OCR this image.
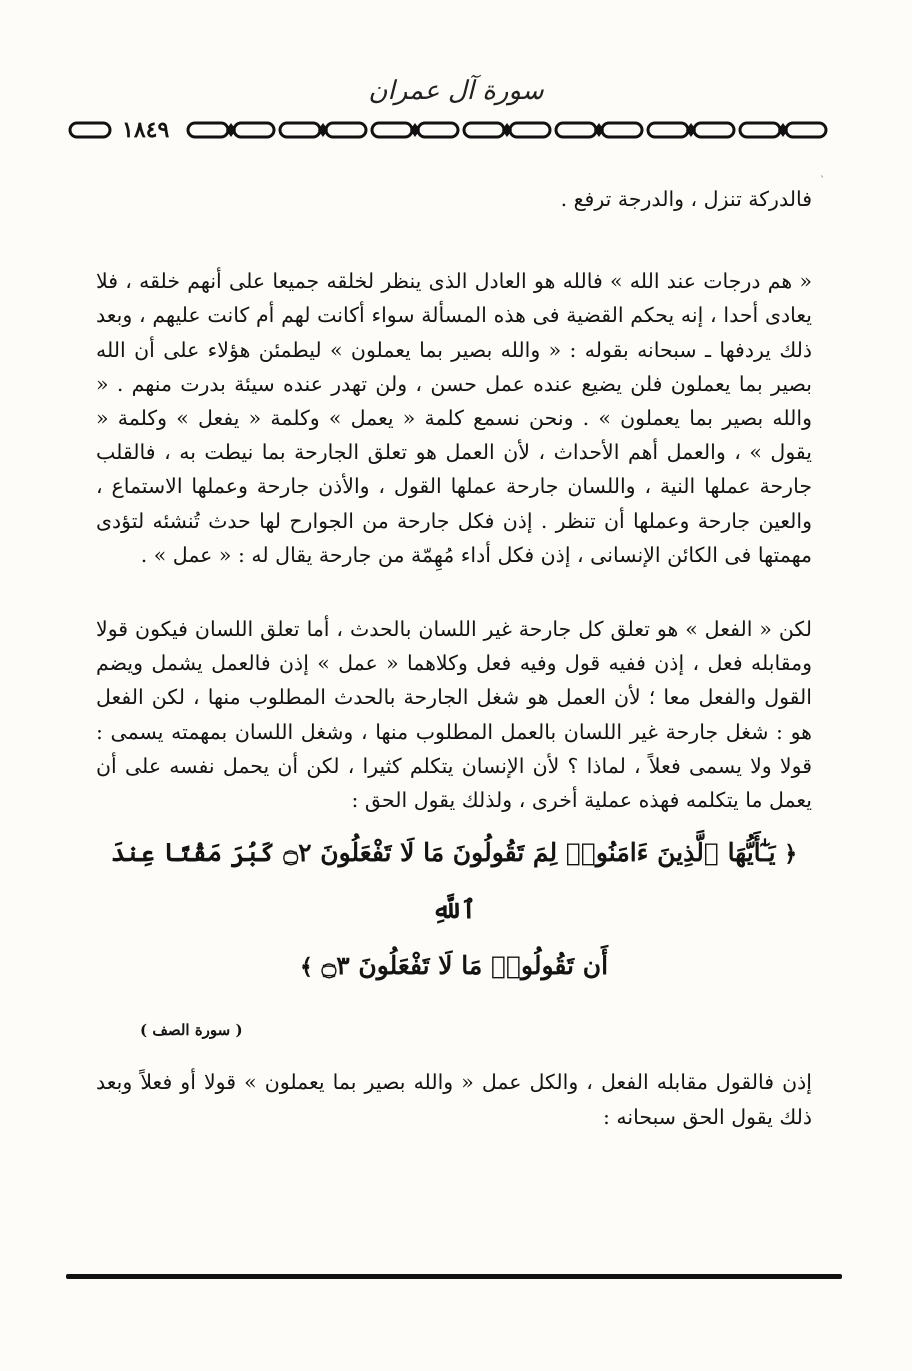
سورة آل عمران
١٨٤٩
ˋ

فالدركة تنزل ، والدرجة ترفع .

« هم درجات عند الله » فالله هو العادل الذى ينظر لخلقه جميعا على أنهم خلقه ، فلا يعادى أحدا ، إنه يحكم القضية فى هذه المسألة سواء أكانت لهم أم كانت عليهم ، وبعد ذلك يردفها ـ سبحانه بقوله : « والله بصير بما يعملون » ليطمئن هؤلاء على أن الله بصير بما يعملون فلن يضيع عنده عمل حسن ، ولن تهدر عنده سيئة بدرت منهم . « والله بصير بما يعملون » . ونحن نسمع كلمة « يعمل » وكلمة « يفعل » وكلمة « يقول » ، والعمل أهم الأحداث ، لأن العمل هو تعلق الجارحة بما نيطت به ، فالقلب جارحة عملها النية ، واللسان جارحة عملها القول ، والأذن جارحة وعملها الاستماع ، والعين جارحة وعملها أن تنظر . إذن فكل جارحة من الجوارح لها حدث تُنشئه لتؤدى مهمتها فى الكائن الإنسانى ، إذن فكل أداء مُهِمّة من جارحة يقال له : « عمل » .

لكن « الفعل » هو تعلق كل جارحة غير اللسان بالحدث ، أما تعلق اللسان فيكون قولا ومقابله فعل ، إذن ففيه قول وفيه فعل وكلاهما « عمل » إذن فالعمل يشمل ويضم القول والفعل معا ؛ لأن العمل هو شغل الجارحة بالحدث المطلوب منها ، لكن الفعل هو : شغل جارحة غير اللسان بالعمل المطلوب منها ، وشغل اللسان بمهمته يسمى : قولا ولا يسمى فعلاً ، لماذا ؟ لأن الإنسان يتكلم كثيرا ، لكن أن يحمل نفسه على أن يعمل ما يتكلمه فهذه عملية أخرى ، ولذلك يقول الحق :

﴿ يَـٰٓأَيُّهَا ٱلَّذِينَ ءَامَنُوا۟ لِمَ تَقُولُونَ مَا لَا تَفْعَلُونَ ۝٢ كَبُرَ مَقْتًا عِندَ ٱللَّهِ
أَن تَقُولُوا۟ مَا لَا تَفْعَلُونَ ۝٣ ﴾
( سورة الصف )

إذن فالقول مقابله الفعل ، والكل عمل « والله بصير بما يعملون » قولا أو فعلاً وبعد ذلك يقول الحق سبحانه :
